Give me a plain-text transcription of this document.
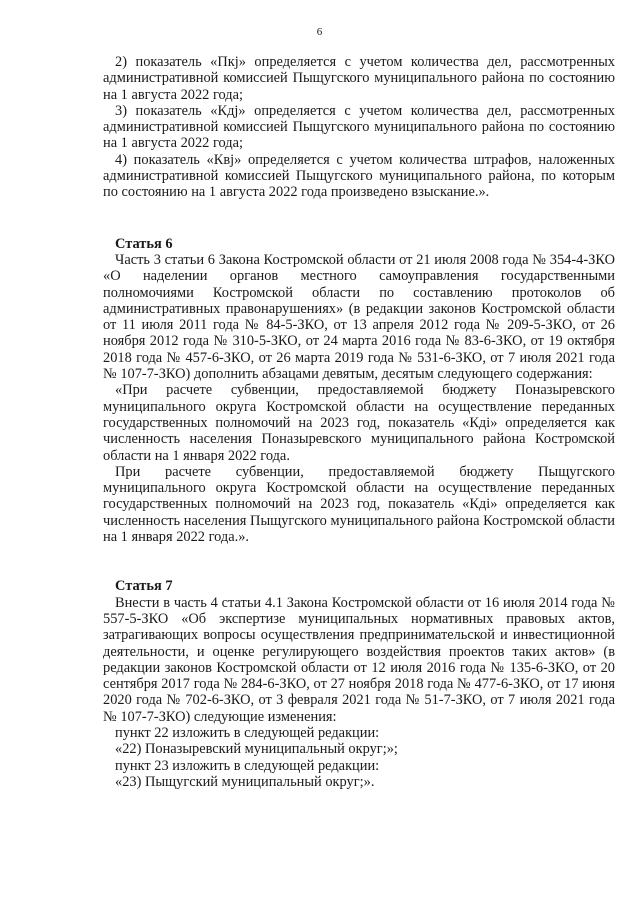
6

2) показатель «Пкj» определяется с учетом количества дел, рассмотренных административной комиссией Пыщугского муниципального района по состоянию на 1 августа 2022 года;

3) показатель «Кдj» определяется с учетом количества дел, рассмотренных административной комиссией Пыщугского муниципального района по состоянию на 1 августа 2022 года;

4) показатель «Квj» определяется с учетом количества штрафов, наложенных административной комиссией Пыщугского муниципального района, по которым по состоянию на 1 августа 2022 года произведено взыскание.».

Статья 6

Часть 3 статьи 6 Закона Костромской области от 21 июля 2008 года № 354-4-ЗКО «О наделении органов местного самоуправления государственными полномочиями Костромской области по составлению протоколов об административных правонарушениях» (в редакции законов Костромской области от 11 июля 2011 года № 84-5-ЗКО, от 13 апреля 2012 года № 209-5-ЗКО, от 26 ноября 2012 года № 310-5-ЗКО, от 24 марта 2016 года № 83-6-ЗКО, от 19 октября 2018 года № 457-6-ЗКО, от 26 марта 2019 года № 531-6-ЗКО, от 7 июля 2021 года № 107-7-ЗКО) дополнить абзацами девятым, десятым следующего содержания:

«При расчете субвенции, предоставляемой бюджету Поназыревского муниципального округа Костромской области на осуществление переданных государственных полномочий на 2023 год, показатель «Кдi» определяется как численность населения Поназыревского муниципального района Костромской области на 1 января 2022 года.

При расчете субвенции, предоставляемой бюджету Пыщугского муниципального округа Костромской области на осуществление переданных государственных полномочий на 2023 год, показатель «Кдi» определяется как численность населения Пыщугского муниципального района Костромской области на 1 января 2022 года.».

Статья 7

Внести в часть 4 статьи 4.1 Закона Костромской области от 16 июля 2014 года № 557-5-ЗКО «Об экспертизе муниципальных нормативных правовых актов, затрагивающих вопросы осуществления предпринимательской и инвестиционной деятельности, и оценке регулирующего воздействия проектов таких актов» (в редакции законов Костромской области от 12 июля 2016 года № 135-6-ЗКО, от 20 сентября 2017 года № 284-6-ЗКО, от 27 ноября 2018 года № 477-6-ЗКО, от 17 июня 2020 года № 702-6-ЗКО, от 3 февраля 2021 года № 51-7-ЗКО, от 7 июля 2021 года № 107-7-ЗКО) следующие изменения:

пункт 22 изложить в следующей редакции:

«22) Поназыревский муниципальный округ;»;

пункт 23 изложить в следующей редакции:

«23) Пыщугский муниципальный округ;».
